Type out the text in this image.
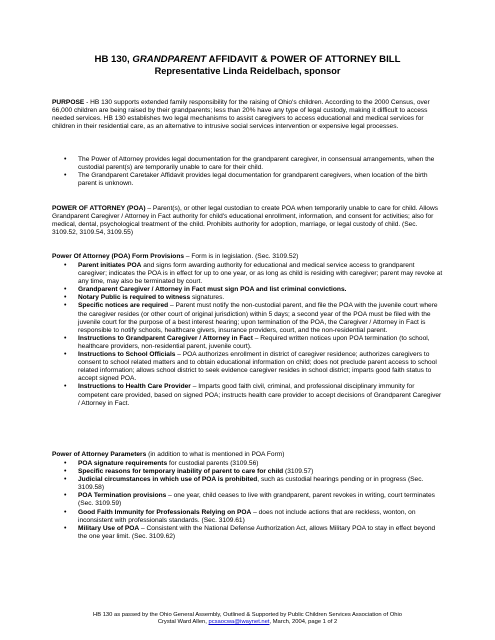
HB 130, GRANDPARENT AFFIDAVIT & POWER OF ATTORNEY BILL
Representative Linda Reidelbach, sponsor

PURPOSE - HB 130 supports extended family responsibility for the raising of Ohio's children. According to the 2000 Census, over 66,000 children are being raised by their grandparents; less than 20% have any type of legal custody, making it difficult to access needed services. HB 130 establishes two legal mechanisms to assist caregivers to access educational and medical services for children in their residential care, as an alternative to intrusive social services intervention or expensive legal processes.

• The Power of Attorney provides legal documentation for the grandparent caregiver, in consensual arrangements, when the custodial parent(s) are temporarily unable to care for their child.
• The Grandparent Caretaker Affidavit provides legal documentation for grandparent caregivers, when location of the birth parent is unknown.

POWER OF ATTORNEY (POA) – Parent(s), or other legal custodian to create POA when temporarily unable to care for child. Allows Grandparent Caregiver / Attorney in Fact authority for child's educational enrollment, information, and consent for activities; also for medical, dental, psychological treatment of the child. Prohibits authority for adoption, marriage, or legal custody of child. (Sec. 3109.52, 3109.54, 3109.55)

Power Of Attorney (POA) Form Provisions – Form is in legislation. (Sec. 3109.52)

• Parent initiates POA and signs form awarding authority for educational and medical service access to grandparent caregiver; indicates the POA is in effect for up to one year, or as long as child is residing with caregiver; parent may revoke at any time, may also be terminated by court.
• Grandparent Caregiver / Attorney in Fact must sign POA and list criminal convictions.
• Notary Public is required to witness signatures.
• Specific notices are required – Parent must notify the non-custodial parent, and file the POA with the juvenile court where the caregiver resides (or other court of original jurisdiction) within 5 days; a second year of the POA must be filed with the juvenile court for the purpose of a best interest hearing; upon termination of the POA, the Caregiver / Attorney in Fact is responsible to notify schools, healthcare givers, insurance providers, court, and the non-residential parent.
• Instructions to Grandparent Caregiver / Attorney in Fact – Required written notices upon POA termination (to school, healthcare providers, non-residential parent, juvenile court).
• Instructions to School Officials – POA authorizes enrollment in district of caregiver residence; authorizes caregivers to consent to school related matters and to obtain educational information on child; does not preclude parent access to school related information; allows school district to seek evidence caregiver resides in school district; imparts good faith status to accept signed POA.
• Instructions to Health Care Provider – Imparts good faith civil, criminal, and professional disciplinary immunity for competent care provided, based on signed POA; instructs health care provider to accept decisions of Grandparent Caregiver / Attorney in Fact.

Power of Attorney Parameters (in addition to what is mentioned in POA Form)

• POA signature requirements for custodial parents (3109.56)
• Specific reasons for temporary inability of parent to care for child (3109.57)
• Judicial circumstances in which use of POA is prohibited, such as custodial hearings pending or in progress (Sec. 3109.58)
• POA Termination provisions – one year, child ceases to live with grandparent, parent revokes in writing, court terminates (Sec. 3109.59)
• Good Faith Immunity for Professionals Relying on POA – does not include actions that are reckless, wonton, on inconsistent with professionals standards. (Sec. 3109.61)
• Military Use of POA – Consistent with the National Defense Authorization Act, allows Military POA to stay in effect beyond the one year limit. (Sec. 3109.62)
HB 130 as passed by the Ohio General Assembly, Outlined & Supported by Public Children Services Association of Ohio
Crystal Ward Allen, pcsaocwa@iwaynet.net, March, 2004, page 1 of 2
